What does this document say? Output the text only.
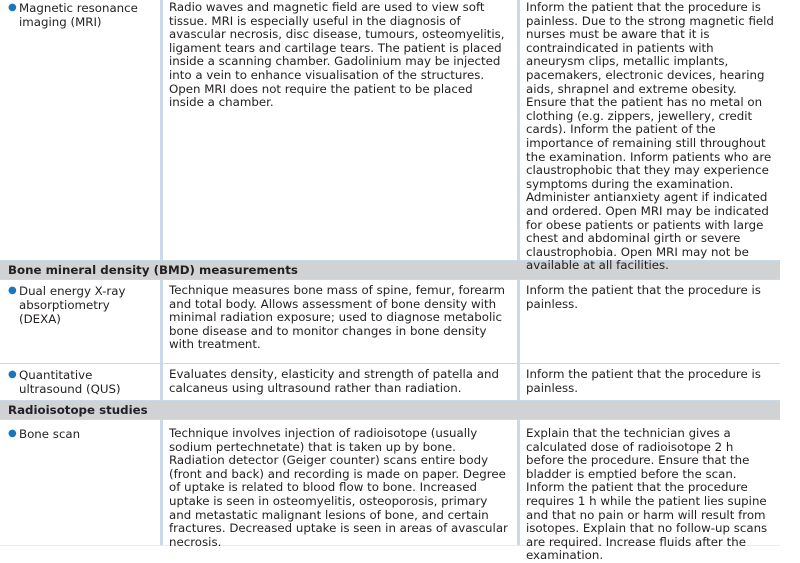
● Magnetic resonance imaging (MRI)
Radio waves and magnetic field are used to view soft tissue. MRI is especially useful in the diagnosis of avascular necrosis, disc disease, tumours, osteomyelitis, ligament tears and cartilage tears. The patient is placed inside a scanning chamber. Gadolinium may be injected into a vein to enhance visualisation of the structures. Open MRI does not require the patient to be placed inside a chamber.
Inform the patient that the procedure is painless. Due to the strong magnetic field nurses must be aware that it is contraindicated in patients with aneurysm clips, metallic implants, pacemakers, electronic devices, hearing aids, shrapnel and extreme obesity. Ensure that the patient has no metal on clothing (e.g. zippers, jewellery, credit cards). Inform the patient of the importance of remaining still throughout the examination. Inform patients who are claustrophobic that they may experience symptoms during the examination. Administer antianxiety agent if indicated and ordered. Open MRI may be indicated for obese patients or patients with large chest and abdominal girth or severe claustrophobia. Open MRI may not be available at all facilities.
Bone mineral density (BMD) measurements
● Dual energy X-ray absorptiometry (DEXA)
Technique measures bone mass of spine, femur, forearm and total body. Allows assessment of bone density with minimal radiation exposure; used to diagnose metabolic bone disease and to monitor changes in bone density with treatment.
Inform the patient that the procedure is painless.
● Quantitative ultrasound (QUS)
Evaluates density, elasticity and strength of patella and calcaneus using ultrasound rather than radiation.
Inform the patient that the procedure is painless.
Radioisotope studies
● Bone scan	Technique involves injection of radioisotope (usually sodium pertechnetate) that is taken up by bone. Radiation detector (Geiger counter) scans entire body (front and back) and recording is made on paper. Degree of uptake is related to blood flow to bone. Increased uptake is seen in osteomyelitis, osteoporosis, primary and metastatic malignant lesions of bone, and certain fractures. Decreased uptake is seen in areas of avascular necrosis.
Explain that the technician gives a calculated dose of radioisotope 2 h before the procedure. Ensure that the bladder is emptied before the scan. Inform the patient that the procedure requires 1 h while the patient lies supine and that no pain or harm will result from isotopes. Explain that no follow-up scans are required. Increase fluids after the examination.
